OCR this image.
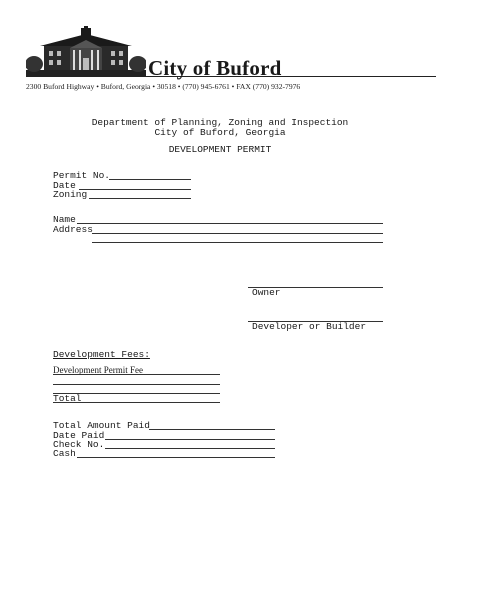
City of Buford
2300 Buford Highway • Buford, Georgia • 30518 • (770) 945-6761 • FAX (770) 932-7976
Department of Planning, Zoning and Inspection
City of Buford, Georgia
DEVELOPMENT PERMIT
Permit No.
Date
Zoning
Name
Address
Owner
Developer or Builder
Development Fees:
Development Permit Fee
Total
Total Amount Paid
Date Paid
Check No.
Cash
